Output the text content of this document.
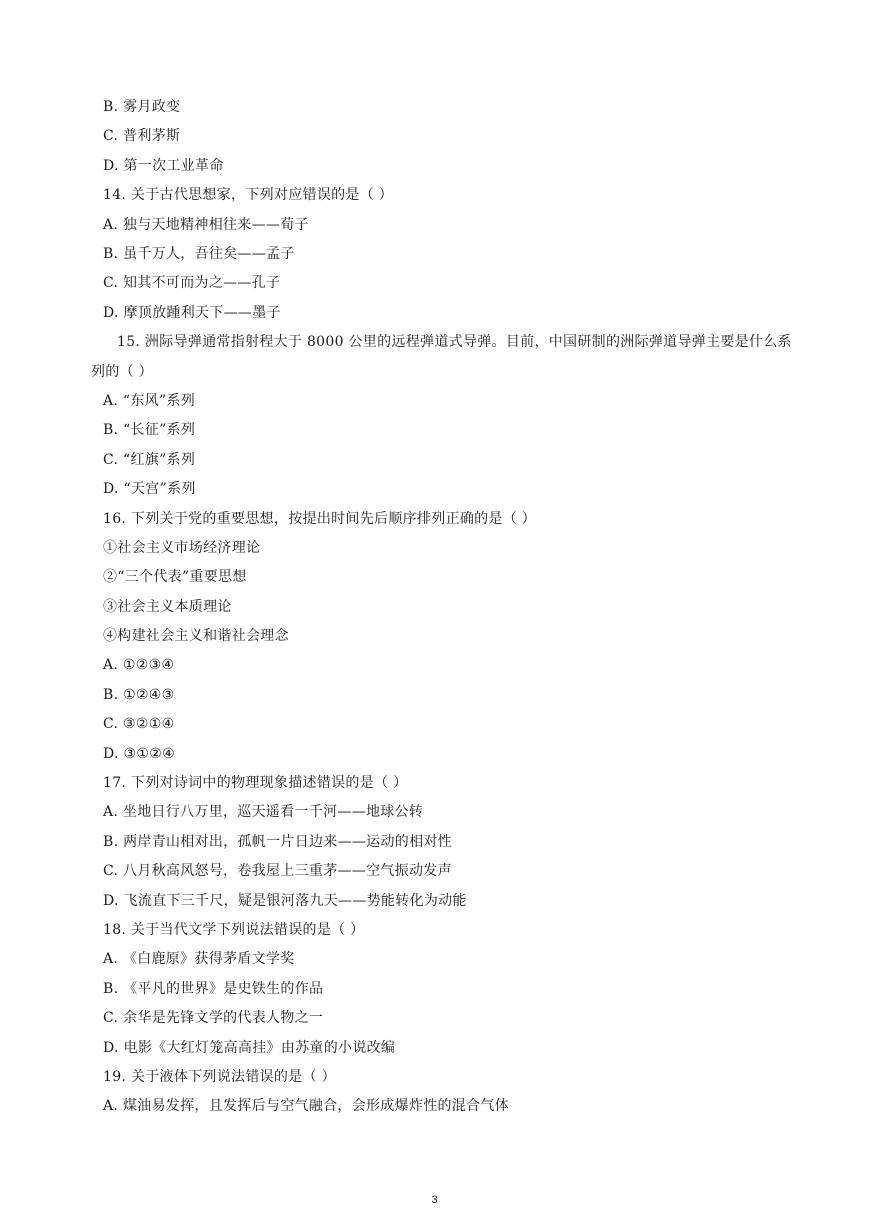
B. 雾月政变
C. 普利茅斯
D. 第一次工业革命
14. 关于古代思想家，下列对应错误的是（ ）
A. 独与天地精神相往来——荀子
B. 虽千万人，吾往矣——孟子
C. 知其不可而为之——孔子
D. 摩顶放踵利天下——墨子
15. 洲际导弹通常指射程大于 8000 公里的远程弹道式导弹。目前，中国研制的洲际弹道导弹主要是什么系列的（ ）
A. “东风”系列
B. “长征”系列
C. “红旗”系列
D. “天宫”系列
16. 下列关于党的重要思想，按提出时间先后顺序排列正确的是（ ）
①社会主义市场经济理论
②“三个代表”重要思想
③社会主义本质理论
④构建社会主义和谐社会理念
A. ①②③④
B. ①②④③
C. ③②①④
D. ③①②④
17. 下列对诗词中的物理现象描述错误的是（ ）
A. 坐地日行八万里，巡天遥看一千河——地球公转
B. 两岸青山相对出，孤帆一片日边来——运动的相对性
C. 八月秋高风怒号，卷我屋上三重茅——空气振动发声
D. 飞流直下三千尺，疑是银河落九天——势能转化为动能
18. 关于当代文学下列说法错误的是（ ）
A. 《白鹿原》获得茅盾文学奖
B. 《平凡的世界》是史铁生的作品
C. 余华是先锋文学的代表人物之一
D. 电影《大红灯笼高高挂》由苏童的小说改编
19. 关于液体下列说法错误的是（ ）
A. 煤油易发挥，且发挥后与空气融合，会形成爆炸性的混合气体
3
